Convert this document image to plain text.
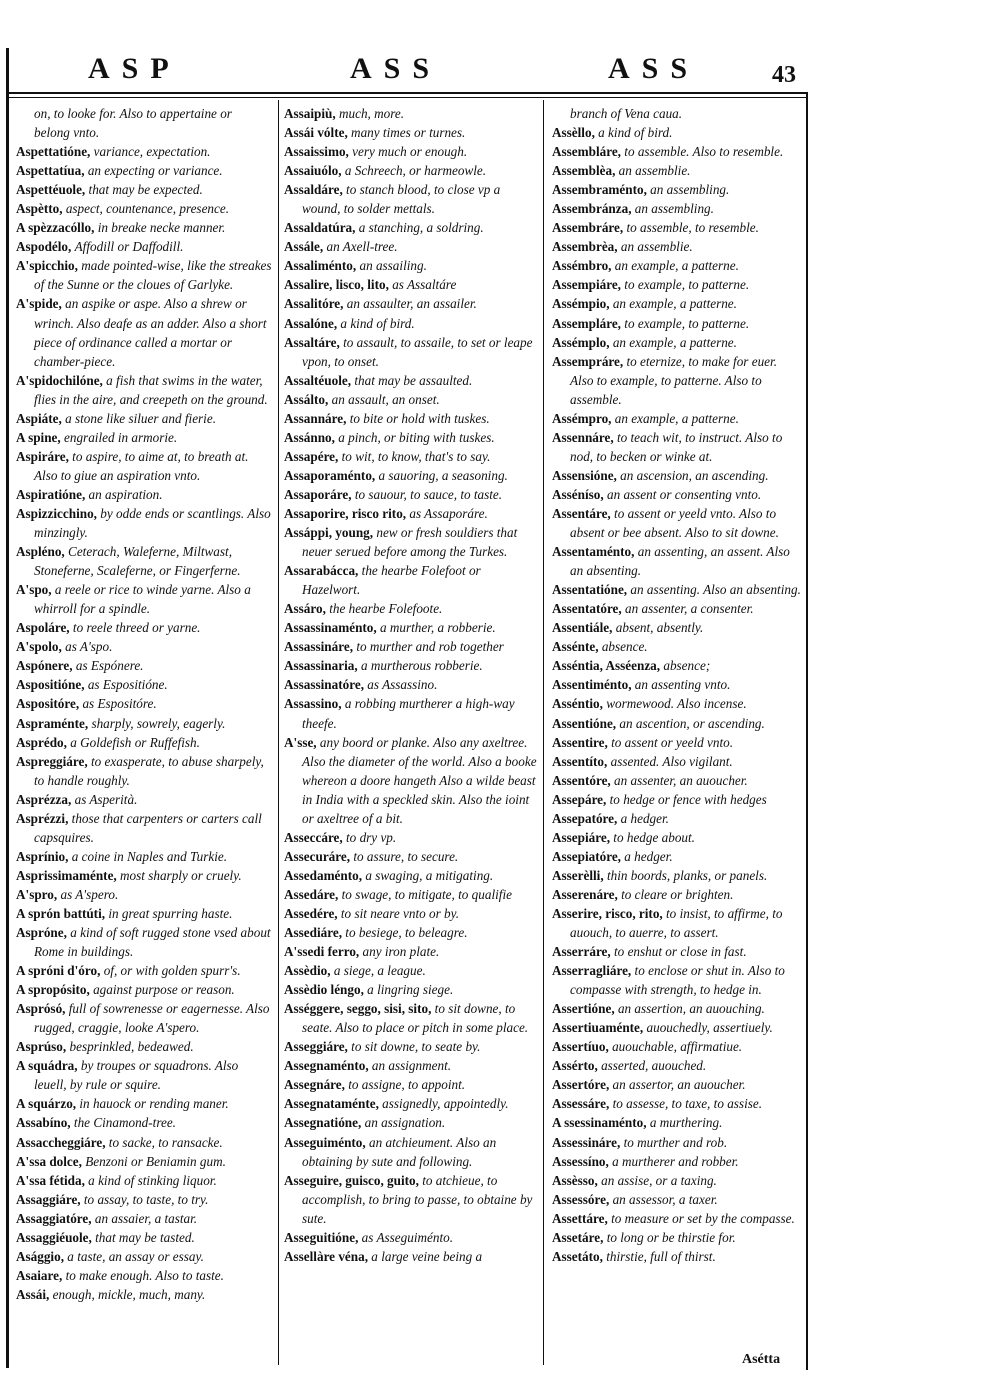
ASP	ASS	ASS	43
on, to looke for. Also to appertaine or
belong vnto.
Aspettatióne, variance, expectation.
Aspettatíua, an expecting or variance.
Aspettéuole, that may be expected.
Aspètto, aspect, countenance, presence.
A spèzzacóllo, in breake necke manner.
Aspodélo, Affodill or Daffodill.
A'spicchio, made pointed-wise, like the streakes of the Sunne or the cloues of Garlyke.
A'spide, an aspike or aspe. Also a shrew or wrinch. Also deafe as an adder. Also a short piece of ordinance called a mortar or chamber-piece.
A'spidochilóne, a fish that swims in the water, flies in the aire, and creepeth on the ground.
Aspiáte, a stone like siluer and fierie.
A spine, engrailed in armorie.
Aspiráre, to aspire, to aime at, to breath at. Also to giue an aspiration vnto.
Aspiratióne, an aspiration.
Aspizzicchino, by odde ends or scantlings. Also minzingly.
Aspléno, Ceterach, Waleferne, Miltwast, Stoneferne, Scaleferne, or Fingerferne.
A'spo, a reele or rice to winde yarne. Also a whirroll for a spindle.
Aspoláre, to reele threed or yarne.
A'spolo, as A'spo.
Aspónere, as Espónere.
Aspositióne, as Espositióne.
Aspositóre, as Espositóre.
Aspraménte, sharply, sowrely, eagerly.
Asprédo, a Goldefish or Ruffefish.
Aspreggiáre, to exasperate, to abuse sharpely, to handle roughly.
Asprézza, as Asperità.
Asprézzi, those that carpenters or carters call capsquires.
Asprínio, a coine in Naples and Turkie.
Asprissimaménte, most sharply or cruely.
A'spro, as A'spero.
A sprón battúti, in great spurring haste.
Aspróne, a kind of soft rugged stone vsed about Rome in buildings.
A spróni d'óro, of, or with golden spurr's.
A spropósito, against purpose or reason.
Asprósó, full of sowrenesse or eagernesse. Also rugged, craggie, looke A'spero.
Asprúso, besprinkled, bedeawed.
A squádra, by troupes or squadrons. Also leuell, by rule or squire.
A squárzo, in hauock or rending maner.
Assabíno, the Cinamond-tree.
Assaccheggiáre, to sacke, to ransacke.
A'ssa dolce, Benzoni or Beniamin gum.
A'ssa fétida, a kind of stinking liquor.
Assaggiáre, to assay, to taste, to try.
Assaggiatóre, an assaier, a tastar.
Assaggiéuole, that may be tasted.
Asággio, a taste, an assay or essay.
Asaiare, to make enough. Also to taste.
Assái, enough, mickle, much, many.
Assaipiù, much, more.
Assái vólte, many times or turnes.
Assaissimo, very much or enough.
Assaiuólo, a Schreech, or harmeowle.
Assaldáre, to stanch blood, to close vp a wound, to solder mettals.
Assaldatúra, a stanching, a soldring.
Assále, an Axell-tree.
Assaliménto, an assailing.
Assalire, lisco, lito, as Assaltáre
Assalitóre, an assaulter, an assailer.
Assalóne, a kind of bird.
Assaltáre, to assault, to assaile, to set or leape vpon, to onset.
Assaltéuole, that may be assaulted.
Assálto, an assault, an onset.
Assannáre, to bite or hold with tuskes.
Assánno, a pinch, or biting with tuskes.
Assapére, to wit, to know, that's to say.
Assaporaménto, a sauoring, a seasoning.
Assaporáre, to sauour, to sauce, to taste.
Assaporire, risco rito, as Assaporáre.
Assáppi, young, new or fresh souldiers that neuer serued before among the Turkes.
Assarabácca, the hearbe Folefoot or Hazelwort.
Assáro, the hearbe Folefoote.
Assassinaménto, a murther, a robberie.
Assassináre, to murther and rob together
Assassinaria, a murtherous robberie.
Assassinatóre, as Assassino.
Assassino, a robbing murtherer a high-way theefe.
A'sse, any boord or planke. Also any axeltree. Also the diameter of the world. Also a booke whereon a doore hangeth Also a wilde beast in India with a speckled skin. Also the ioint or axeltree of a bit.
Asseccáre, to dry vp.
Assecuráre, to assure, to secure.
Assedaménto, a swaging, a mitigating.
Assedáre, to swage, to mitigate, to qualifie
Assedére, to sit neare vnto or by.
Assediáre, to besiege, to beleagre.
A'ssedi ferro, any iron plate.
Assèdio, a siege, a league.
Assèdio léngo, a lingring siege.
Asséggere, seggo, sisi, sito, to sit downe, to seate. Also to place or pitch in some place.
Asseggiáre, to sit downe, to seate by.
Assegnaménto, an assignment.
Assegnáre, to assigne, to appoint.
Assegnataménte, assignedly, appointedly.
Assegnatióne, an assignation.
Asseguiménto, an atchieument. Also an obtaining by sute and following.
Asseguire, guisco, guito, to atchieue, to accomplish, to bring to passe, to obtaine by sute.
Asseguitióne, as Asseguiménto.
Assellàre véna, a large veine being a
branch of Vena caua.
Assèllo, a kind of bird.
Assembláre, to assemble. Also to resemble.
Assemblèa, an assemblie.
Assembraménto, an assembling.
Assembránza, an assembling.
Assembráre, to assemble, to resemble.
Assembrèa, an assemblie.
Assémbro, an example, a patterne.
Assempiáre, to example, to patterne.
Assémpio, an example, a patterne.
Assempláre, to example, to patterne.
Assémplo, an example, a patterne.
Assempráre, to eternize, to make for euer. Also to example, to patterne. Also to assemble.
Assémpro, an example, a patterne.
Assennáre, to teach wit, to instruct. Also to nod, to becken or winke at.
Assensióne, an ascension, an ascending.
Asséníso, an assent or consenting vnto.
Assentáre, to assent or yeeld vnto. Also to absent or bee absent. Also to sit downe.
Assentaménto, an assenting, an assent. Also an absenting.
Assentatióne, an assenting. Also an absenting.
Assentatóre, an assenter, a consenter.
Assentiále, absent, absently.
Assénte, absence.
Asséntia, Asséenza, absence;
Assentiménto, an assenting vnto.
Asséntio, wormewood. Also incense.
Assentióne, an ascention, or ascending.
Assentire, to assent or yeeld vnto.
Assentíto, assented. Also vigilant.
Assentóre, an assenter, an auoucher.
Assepáre, to hedge or fence with hedges
Assepatóre, a hedger.
Assepiáre, to hedge about.
Assepiatóre, a hedger.
Asserèlli, thin boords, planks, or panels.
Asserenáre, to cleare or brighten.
Asserire, risco, rito, to insist, to affirme, to auouch, to auerre, to assert.
Asserráre, to enshut or close in fast.
Asserragliáre, to enclose or shut in. Also to compasse with strength, to hedge in.
Assertióne, an assertion, an auouching.
Assertiuaménte, auouchedly, assertiuely.
Assertíuo, auouchable, affirmatiue.
Assérto, asserted, auouched.
Assertóre, an assertor, an auoucher.
Assessáre, to assesse, to taxe, to assise.
A ssessinaménto, a murthering.
Assessináre, to murther and rob.
Assessíno, a murtherer and robber.
Assèsso, an assise, or a taxing.
Assessóre, an assessor, a taxer.
Assettáre, to measure or set by the compasse.
Assetáre, to long or be thirstie for.
Assetáto, thirstie, full of thirst.
Asétta
